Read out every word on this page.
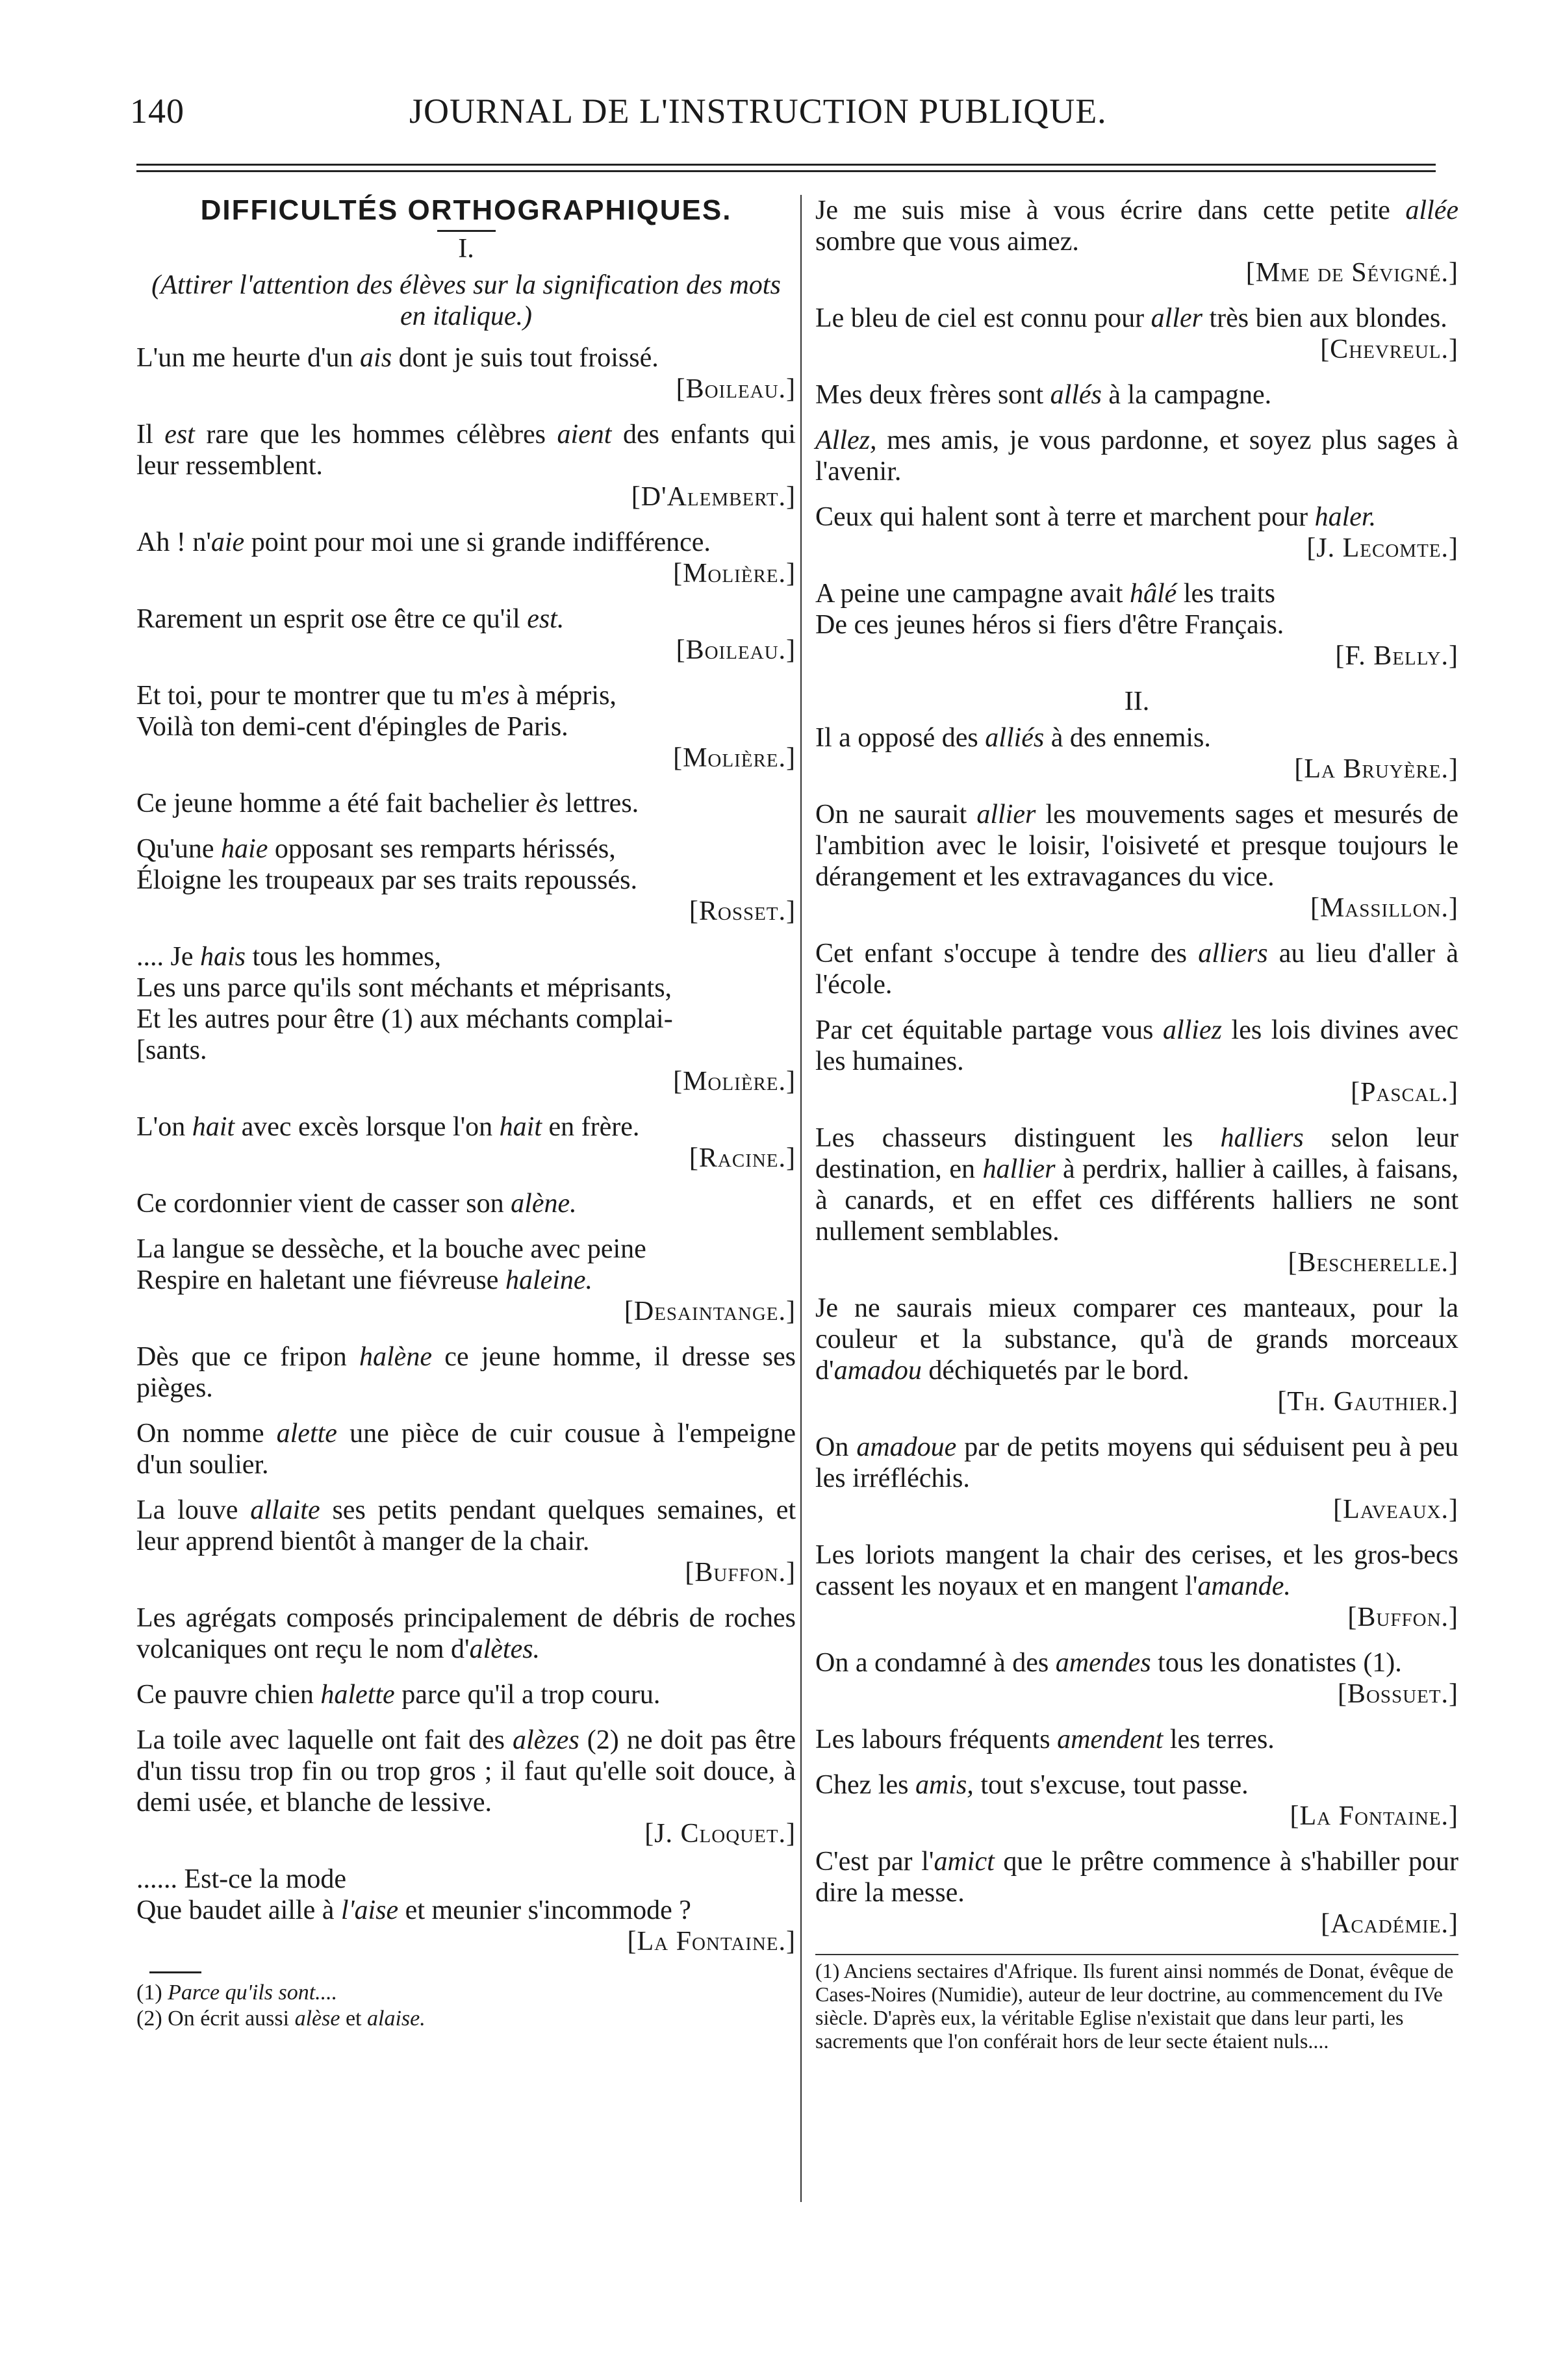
140	JOURNAL DE L'INSTRUCTION PUBLIQUE.
DIFFICULTÉS ORTHOGRAPHIQUES.
I.
(Attirer l'attention des élèves sur la signification des mots en italique.)
L'un me heurte d'un ais dont je suis tout froissé.
[Boileau.]
Il est rare que les hommes célèbres aient des enfants qui leur ressemblent.
[D'Alembert.]
Ah ! n'aie point pour moi une si grande indifférence.
[Molière.]
Rarement un esprit ose être ce qu'il est.
[Boileau.]
Et toi, pour te montrer que tu m'es à mépris,
Voilà ton demi-cent d'épingles de Paris.
[Molière.]
Ce jeune homme a été fait bachelier ès lettres.
Qu'une haie opposant ses remparts hérissés,
Éloigne les troupeaux par ses traits repoussés.
[Rosset.]
.... Je hais tous les hommes,
Les uns parce qu'ils sont méchants et méprisants,
Et les autres pour être (1) aux méchants complai-
[sants.
[Molière.]
L'on hait avec excès lorsque l'on hait en frère.
[Racine.]
Ce cordonnier vient de casser son alène.
La langue se dessèche, et la bouche avec peine
Respire en haletant une fiévreuse haleine.
[Desaintange.]
Dès que ce fripon halène ce jeune homme, il dresse ses pièges.
On nomme alette une pièce de cuir cousue à l'empeigne d'un soulier.
La louve allaite ses petits pendant quelques semaines, et leur apprend bientôt à manger de la chair.
[Buffon.]
Les agrégats composés principalement de débris de roches volcaniques ont reçu le nom d'alètes.
Ce pauvre chien halette parce qu'il a trop couru.
La toile avec laquelle ont fait des alèzes (2) ne doit pas être d'un tissu trop fin ou trop gros ; il faut qu'elle soit douce, à demi usée, et blanche de lessive.
[J. Cloquet.]
...... Est-ce la mode
Que baudet aille à l'aise et meunier s'incommode ?
[La Fontaine.]

(1) Parce qu'ils sont....

(2) On écrit aussi alèse et alaise.

Je me suis mise à vous écrire dans cette petite allée sombre que vous aimez.
[Mme de Sévigné.]
Le bleu de ciel est connu pour aller très bien aux blondes.
[Chevreul.]
Mes deux frères sont allés à la campagne.
Allez, mes amis, je vous pardonne, et soyez plus sages à l'avenir.
Ceux qui halent sont à terre et marchent pour haler.
[J. Lecomte.]
A peine une campagne avait hâlé les traits
De ces jeunes héros si fiers d'être Français.
[F. Belly.]
II.
Il a opposé des alliés à des ennemis.
[La Bruyère.]
On ne saurait allier les mouvements sages et mesurés de l'ambition avec le loisir, l'oisiveté et presque toujours le dérangement et les extravagances du vice.
[Massillon.]
Cet enfant s'occupe à tendre des alliers au lieu d'aller à l'école.
Par cet équitable partage vous alliez les lois divines avec les humaines.
[Pascal.]
Les chasseurs distinguent les halliers selon leur destination, en hallier à perdrix, hallier à cailles, à faisans, à canards, et en effet ces différents halliers ne sont nullement semblables.
[Bescherelle.]
Je ne saurais mieux comparer ces manteaux, pour la couleur et la substance, qu'à de grands morceaux d'amadou déchiquetés par le bord.
[Th. Gauthier.]
On amadoue par de petits moyens qui séduisent peu à peu les irréfléchis.
[Laveaux.]
Les loriots mangent la chair des cerises, et les gros-becs cassent les noyaux et en mangent l'amande.
[Buffon.]
On a condamné à des amendes tous les donatistes (1).
[Bossuet.]
Les labours fréquents amendent les terres.
Chez les amis, tout s'excuse, tout passe.
[La Fontaine.]
C'est par l'amict que le prêtre commence à s'habiller pour dire la messe.
[Académie.]

(1) Anciens sectaires d'Afrique. Ils furent ainsi nommés de Donat, évêque de Cases-Noires (Numidie), auteur de leur doctrine, au commencement du IVe siècle. D'après eux, la véritable Eglise n'existait que dans leur parti, les sacrements que l'on conférait hors de leur secte étaient nuls....
